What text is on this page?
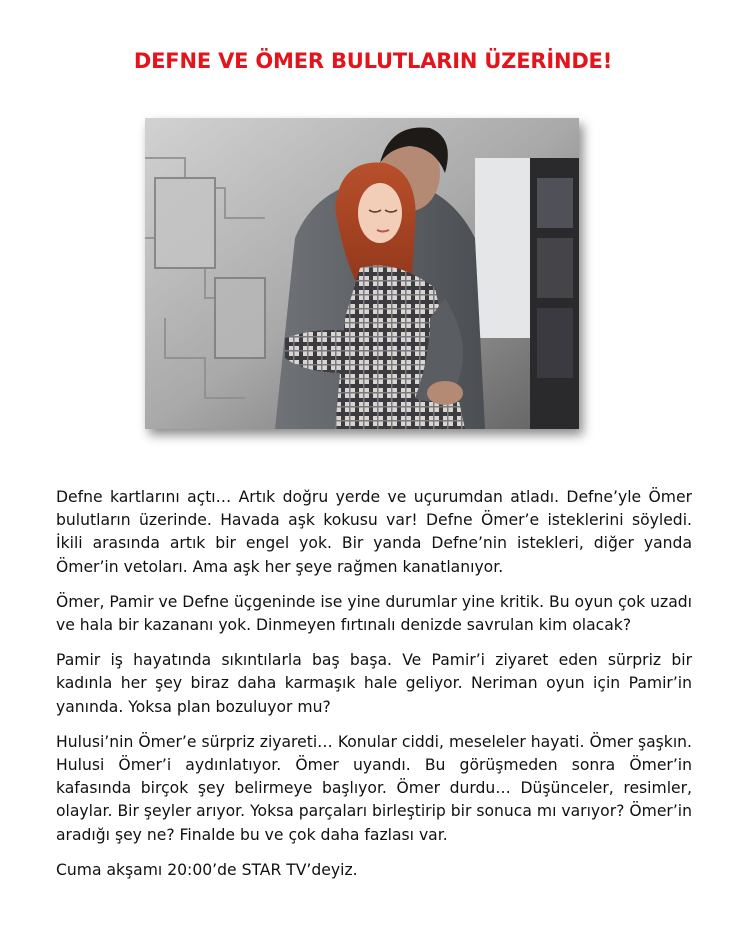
DEFNE VE ÖMER BULUTLARIN ÜZERİNDE!

Defne kartlarını açtı… Artık doğru yerde ve uçurumdan atladı. Defne’yle Ömer bulutların üzerinde. Havada aşk kokusu var! Defne Ömer’e isteklerini söyledi. İkili arasında artık bir engel yok. Bir yanda Defne’nin istekleri, diğer yanda Ömer’in vetoları. Ama aşk her şeye rağmen kanatlanıyor.

Ömer, Pamir ve Defne üçgeninde ise yine durumlar yine kritik. Bu oyun çok uzadı ve hala bir kazananı yok. Dinmeyen fırtınalı denizde savrulan kim olacak?

Pamir iş hayatında sıkıntılarla baş başa. Ve Pamir’i ziyaret eden sürpriz bir kadınla her şey biraz daha karmaşık hale geliyor. Neriman oyun için Pamir’in yanında. Yoksa plan bozuluyor mu?

Hulusi’nin Ömer’e sürpriz ziyareti… Konular ciddi, meseleler hayati. Ömer şaşkın. Hulusi Ömer’i aydınlatıyor. Ömer uyandı. Bu görüşmeden sonra Ömer’in kafasında birçok şey belirmeye başlıyor. Ömer durdu… Düşünceler, resimler, olaylar. Bir şeyler arıyor. Yoksa parçaları birleştirip bir sonuca mı varıyor? Ömer’in aradığı şey ne? Finalde bu ve çok daha fazlası var.

Cuma akşamı 20:00’de STAR TV’deyiz.
